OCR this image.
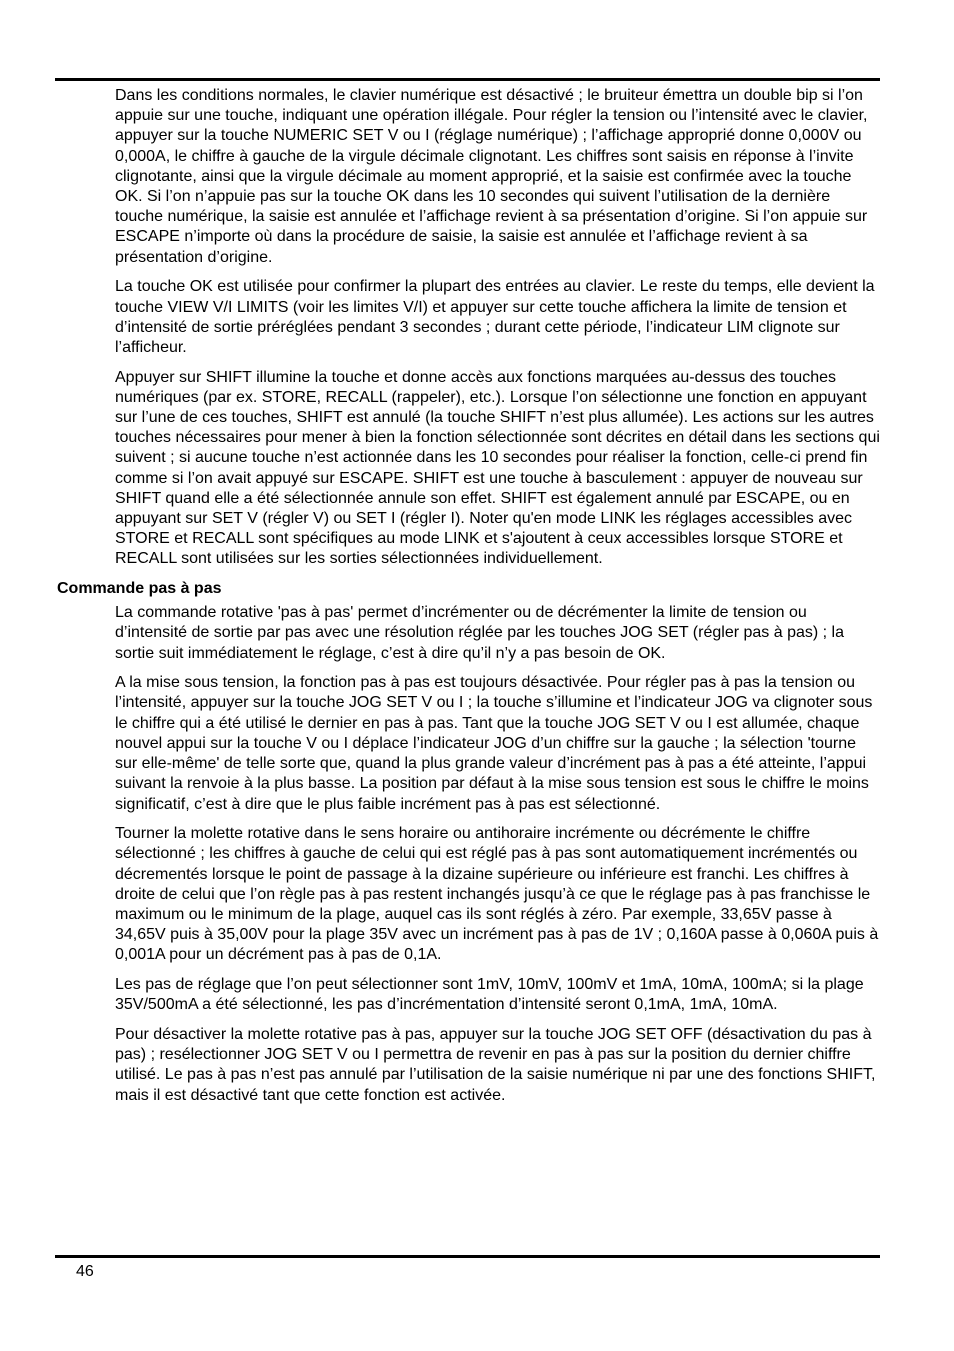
Dans les conditions normales, le clavier numérique est désactivé ; le bruiteur émettra un double bip si l’on appuie sur une touche, indiquant une opération illégale. Pour régler la tension ou l’intensité avec le clavier, appuyer sur la touche NUMERIC SET V ou I (réglage numérique) ; l’affichage approprié donne 0,000V ou 0,000A, le chiffre à gauche de la virgule décimale clignotant. Les chiffres sont saisis en réponse à l’invite clignotante, ainsi que la virgule décimale au moment approprié, et la saisie est confirmée avec la touche OK. Si l’on n’appuie pas sur la touche OK dans les 10 secondes qui suivent l’utilisation de la dernière touche numérique, la saisie est annulée et l’affichage revient à sa présentation d’origine. Si l’on appuie sur ESCAPE n’importe où dans la procédure de saisie, la saisie est annulée et l’affichage revient à sa présentation d’origine.

La touche OK est utilisée pour confirmer la plupart des entrées au clavier. Le reste du temps, elle devient la touche VIEW V/I LIMITS (voir les limites V/I) et appuyer sur cette touche affichera la limite de tension et d’intensité de sortie préréglées pendant 3 secondes ; durant cette période, l’indicateur LIM clignote sur l’afficheur.

Appuyer sur SHIFT illumine la touche et donne accès aux fonctions marquées au-dessus des touches numériques (par ex. STORE, RECALL (rappeler), etc.). Lorsque l’on sélectionne une fonction en appuyant sur l’une de ces touches, SHIFT est annulé (la touche SHIFT n’est plus allumée). Les actions sur les autres touches nécessaires pour mener à bien la fonction sélectionnée sont décrites en détail dans les sections qui suivent ; si aucune touche n’est actionnée dans les 10 secondes pour réaliser la fonction, celle-ci prend fin comme si l’on avait appuyé sur ESCAPE. SHIFT est une touche à basculement : appuyer de nouveau sur SHIFT quand elle a été sélectionnée annule son effet. SHIFT est également annulé par ESCAPE, ou en appuyant sur SET V (régler V) ou SET I (régler I). Noter qu'en mode LINK les réglages accessibles avec STORE et RECALL sont spécifiques au mode LINK et s'ajoutent à ceux accessibles lorsque STORE et RECALL sont utilisées sur les sorties sélectionnées individuellement.

Commande pas à pas

La commande rotative 'pas à pas' permet d’incrémenter ou de décrémenter la limite de tension ou d’intensité de sortie par pas avec une résolution réglée par les touches JOG SET (régler pas à pas) ; la sortie suit immédiatement le réglage, c’est à dire qu’il n’y a pas besoin de OK.

A la mise sous tension, la fonction pas à pas est toujours désactivée. Pour régler pas à pas la tension ou l’intensité, appuyer sur la touche JOG SET V ou I ; la touche s’illumine et l’indicateur JOG va clignoter sous le chiffre qui a été utilisé le dernier en pas à pas. Tant que la touche JOG SET V ou I est allumée, chaque nouvel appui sur la touche V ou I déplace l’indicateur JOG d’un chiffre sur la gauche ; la sélection 'tourne sur elle-même' de telle sorte que, quand la plus grande valeur d’incrément pas à pas a été atteinte, l’appui suivant la renvoie à la plus basse. La position par défaut à la mise sous tension est sous le chiffre le moins significatif, c’est à dire que le plus faible incrément pas à pas est sélectionné.

Tourner la molette rotative dans le sens horaire ou antihoraire incrémente ou décrémente le chiffre sélectionné ; les chiffres à gauche de celui qui est réglé pas à pas sont automatiquement incrémentés ou décrementés lorsque le point de passage à la dizaine supérieure ou inférieure est franchi. Les chiffres à droite de celui que l’on règle pas à pas restent inchangés jusqu’à ce que le réglage pas à pas franchisse le maximum ou le minimum de la plage, auquel cas ils sont réglés à zéro. Par exemple, 33,65V passe à 34,65V puis à 35,00V pour la plage 35V avec un incrément pas à pas de 1V ; 0,160A passe à 0,060A puis à 0,001A pour un décrément pas à pas de 0,1A.

Les pas de réglage que l’on peut sélectionner sont 1mV, 10mV, 100mV et 1mA, 10mA, 100mA; si la plage 35V/500mA a été sélectionné, les pas d’incrémentation d’intensité seront 0,1mA, 1mA, 10mA.

Pour désactiver la molette rotative pas à pas, appuyer sur la touche JOG SET OFF (désactivation du pas à pas) ; resélectionner JOG SET V ou I permettra de revenir en pas à pas sur la position du dernier chiffre utilisé. Le pas à pas n’est pas annulé par l’utilisation de la saisie numérique ni par une des fonctions SHIFT, mais il est désactivé tant que cette fonction est activée.

46
